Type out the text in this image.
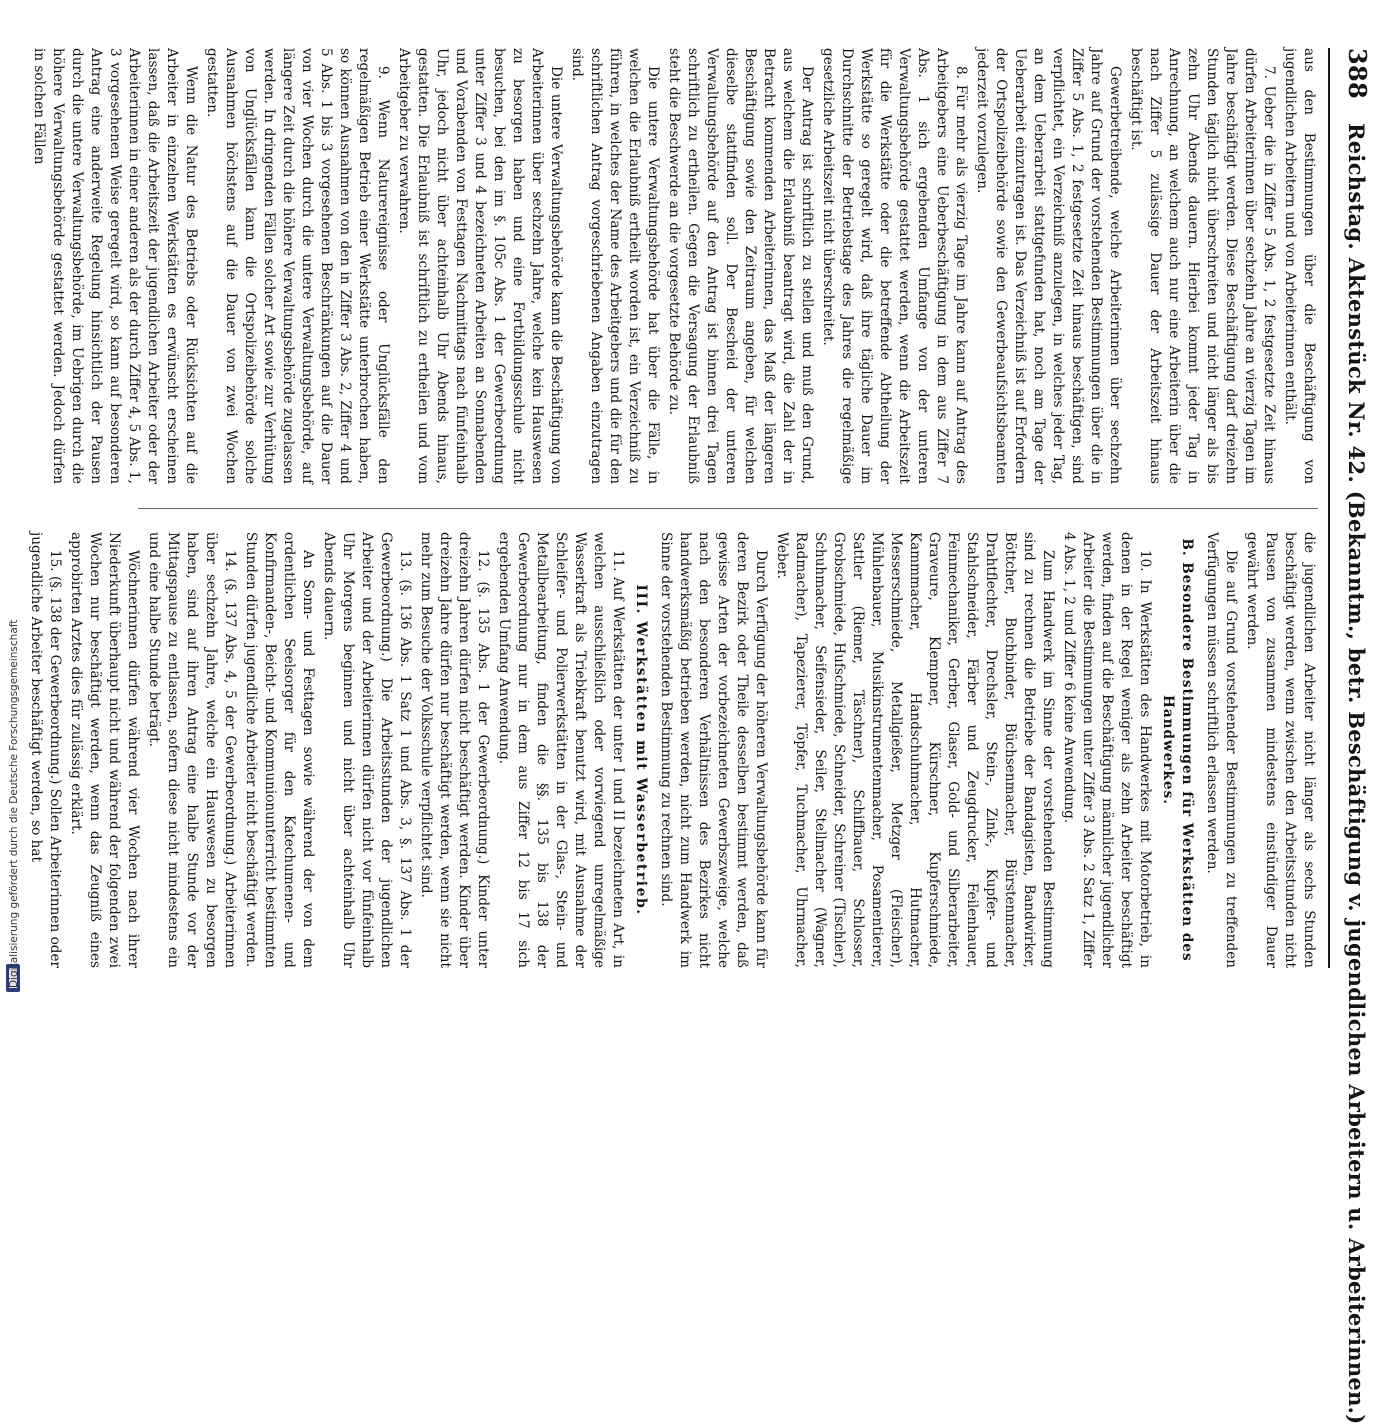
Digitalisierung gefördert durch die Deutsche Forschungsgemeinschaft
388
Reichstag. Aktenstück Nr. 42. (Bekanntm., betr. Beschäftigung v. jugendlichen Arbeitern u. Arbeiterinnen.)

aus den Bestimmungen über die Beschäftigung von jugendlichen Arbeitern und von Arbeiterinnen enthält.

7. Ueber die in Ziffer 5 Abs. 1, 2 festgesetzte Zeit hinaus dürfen Arbeiterinnen über sechzehn Jahre an vierzig Tagen im Jahre beschäftigt werden. Diese Beschäftigung darf dreizehn Stunden täglich nicht überschreiten und nicht länger als bis zehn Uhr Abends dauern. Hierbei kommt jeder Tag in Anrechnung, an welchem auch nur eine Arbeiterin über die nach Ziffer 5 zulässige Dauer der Arbeitszeit hinaus beschäftigt ist.

Gewerbetreibende, welche Arbeiterinnen über sechzehn Jahre auf Grund der vorstehenden Bestimmungen über die in Ziffer 5 Abs. 1, 2 festgesetzte Zeit hinaus beschäftigen, sind verpflichtet, ein Verzeichniß anzulegen, in welches jeder Tag, an dem Ueberarbeit stattgefunden hat, noch am Tage der Ueberarbeit einzutragen ist. Das Verzeichniß ist auf Erfordern der Ortspolizeibehörde sowie den Gewerbeaufsichtsbeamten jederzeit vorzulegen.

8. Für mehr als vierzig Tage im Jahre kann auf Antrag des Arbeitgebers eine Ueberbeschäftigung in dem aus Ziffer 7 Abs. 1 sich ergebenden Umfange von der unteren Verwaltungsbehörde gestattet werden, wenn die Arbeitszeit für die Werkstätte oder die betreffende Abtheilung der Werkstätte so geregelt wird, daß ihre tägliche Dauer im Durchschnitte der Betriebstage des Jahres die regelmäßige gesetzliche Arbeitszeit nicht überschreitet.

Der Antrag ist schriftlich zu stellen und muß den Grund, aus welchem die Erlaubniß beantragt wird, die Zahl der in Betracht kommenden Arbeiterinnen, das Maß der längeren Beschäftigung sowie den Zeitraum angeben, für welchen dieselbe stattfinden soll. Der Bescheid der unteren Verwaltungsbehörde auf den Antrag ist binnen drei Tagen schriftlich zu ertheilen. Gegen die Versagung der Erlaubniß steht die Beschwerde an die vorgesetzte Behörde zu.

Die untere Verwaltungsbehörde hat über die Fälle, in welchen die Erlaubniß ertheilt worden ist, ein Verzeichniß zu führen, in welches der Name des Arbeitgebers und die für den schriftlichen Antrag vorgeschriebenen Angaben einzutragen sind.

Die untere Verwaltungsbehörde kann die Beschäftigung von Arbeiterinnen über sechzehn Jahre, welche kein Hauswesen zu besorgen haben und eine Fortbildungsschule nicht besuchen, bei den im §. 105c Abs. 1 der Gewerbeordnung unter Ziffer 3 und 4 bezeichneten Arbeiten an Sonnabenden und Vorabenden von Festtagen Nachmittags nach fünfeinhalb Uhr, jedoch nicht über achteinhalb Uhr Abends hinaus, gestatten. Die Erlaubniß ist schriftlich zu ertheilen und vom Arbeitgeber zu verwahren.

9. Wenn Naturereignisse oder Unglücksfälle den regelmäßigen Betrieb einer Werkstätte unterbrochen haben, so können Ausnahmen von den in Ziffer 3 Abs. 2, Ziffer 4 und 5 Abs. 1 bis 3 vorgesehenen Beschränkungen auf die Dauer von vier Wochen durch die untere Verwaltungsbehörde, auf längere Zeit durch die höhere Verwaltungsbehörde zugelassen werden. In dringenden Fällen solcher Art sowie zur Verhütung von Unglücksfällen kann die Ortspolizeibehörde solche Ausnahmen höchstens auf die Dauer von zwei Wochen gestatten.

Wenn die Natur des Betriebs oder Rücksichten auf die Arbeiter in einzelnen Werkstätten es erwünscht erscheinen lassen, daß die Arbeitszeit der jugendlichen Arbeiter oder der Arbeiterinnen in einer anderen als der durch Ziffer 4, 5 Abs. 1, 3 vorgesehenen Weise geregelt wird, so kann auf besonderen Antrag eine anderweite Regelung hinsichtlich der Pausen durch die untere Verwaltungsbehörde, im Uebrigen durch die höhere Verwaltungsbehörde gestattet werden. Jedoch dürfen in solchen Fällen

die jugendlichen Arbeiter nicht länger als sechs Stunden beschäftigt werden, wenn zwischen den Arbeitsstunden nicht Pausen von zusammen mindestens einstündiger Dauer gewährt werden.

Die auf Grund vorstehender Bestimmungen zu treffenden Verfügungen müssen schriftlich erlassen werden.

B. Besondere Bestimmungen für Werkstätten des Handwerkes.

10. In Werkstätten des Handwerkes mit Motorbetrieb, in denen in der Regel weniger als zehn Arbeiter beschäftigt werden, finden auf die Beschäftigung männlicher jugendlicher Arbeiter die Bestimmungen unter Ziffer 3 Abs. 2 Satz 1, Ziffer 4 Abs. 1, 2 und Ziffer 6 keine Anwendung.

Zum Handwerk im Sinne der vorstehenden Bestimmung sind zu rechnen die Betriebe der Bandagisten, Bandwirker, Böttcher, Buchbinder, Büchsenmacher, Bürstenmacher, Drahtflechter, Drechsler, Stein-, Zink-, Kupfer- und Stahlschneider, Färber und Zeugdrucker, Feilenhauer, Feinmechaniker, Gerber, Glaser, Gold- und Silberarbeiter, Graveure, Klempner, Kürschner, Kupferschmiede, Kammmacher, Handschuhmacher, Hutmacher, Messerschmiede, Metallgießer, Metzger (Fleischer), Mühlenbauer, Musikinstrumentenmacher, Posamentierer, Sattler (Riemer, Täschner), Schiffbauer, Schlosser, Grobschmiede, Hufschmiede, Schneider, Schreiner (Tischler), Schuhmacher, Seifensieder, Seiler, Stellmacher (Wagner, Radmacher), Tapezierer, Töpfer, Tuchmacher, Uhrmacher, Weber.

Durch Verfügung der höheren Verwaltungsbehörde kann für deren Bezirk oder Theile desselben bestimmt werden, daß gewisse Arten der vorbezeichneten Gewerbszweige, welche nach den besonderen Verhältnissen des Bezirkes nicht handwerksmäßig betrieben werden, nicht zum Handwerk im Sinne der vorstehenden Bestimmung zu rechnen sind.

III. Werkstätten mit Wasserbetrieb.

11. Auf Werkstätten der unter I und II bezeichneten Art, in welchen ausschließlich oder vorwiegend unregelmäßige Wasserkraft als Triebkraft benutzt wird, mit Ausnahme der Schleifer- und Polierwerkstätten in der Glas-, Stein- und Metallbearbeitung, finden die §§. 135 bis 138 der Gewerbeordnung nur in dem aus Ziffer 12 bis 17 sich ergebenden Umfang Anwendung.

12. (§. 135 Abs. 1 der Gewerbeordnung.) Kinder unter dreizehn Jahren dürfen nicht beschäftigt werden. Kinder über dreizehn Jahre dürfen nur beschäftigt werden, wenn sie nicht mehr zum Besuche der Volksschule verpflichtet sind.

13. (§. 136 Abs. 1 Satz 1 und Abs. 3, §. 137 Abs. 1 der Gewerbeordnung.) Die Arbeitsstunden der jugendlichen Arbeiter und der Arbeiterinnen dürfen nicht vor fünfeinhalb Uhr Morgens beginnen und nicht über achteinhalb Uhr Abends dauern.

An Sonn- und Festtagen sowie während der von dem ordentlichen Seelsorger für den Katechumenen- und Konfirmanden-, Beicht- und Kommunionunterricht bestimmten Stunden dürfen jugendliche Arbeiter nicht beschäftigt werden.

14. (§. 137 Abs. 4, 5 der Gewerbeordnung.) Arbeiterinnen über sechzehn Jahre, welche ein Hauswesen zu besorgen haben, sind auf ihren Antrag eine halbe Stunde vor der Mittagspause zu entlassen, sofern diese nicht mindestens ein und eine halbe Stunde beträgt.

Wöchnerinnen dürfen während vier Wochen nach ihrer Niederkunft überhaupt nicht und während der folgenden zwei Wochen nur beschäftigt werden, wenn das Zeugniß eines approbirten Arztes dies für zulässig erklärt.

15. (§. 138 der Gewerbeordnung.) Sollen Arbeiterinnen oder jugendliche Arbeiter beschäftigt werden, so hat
